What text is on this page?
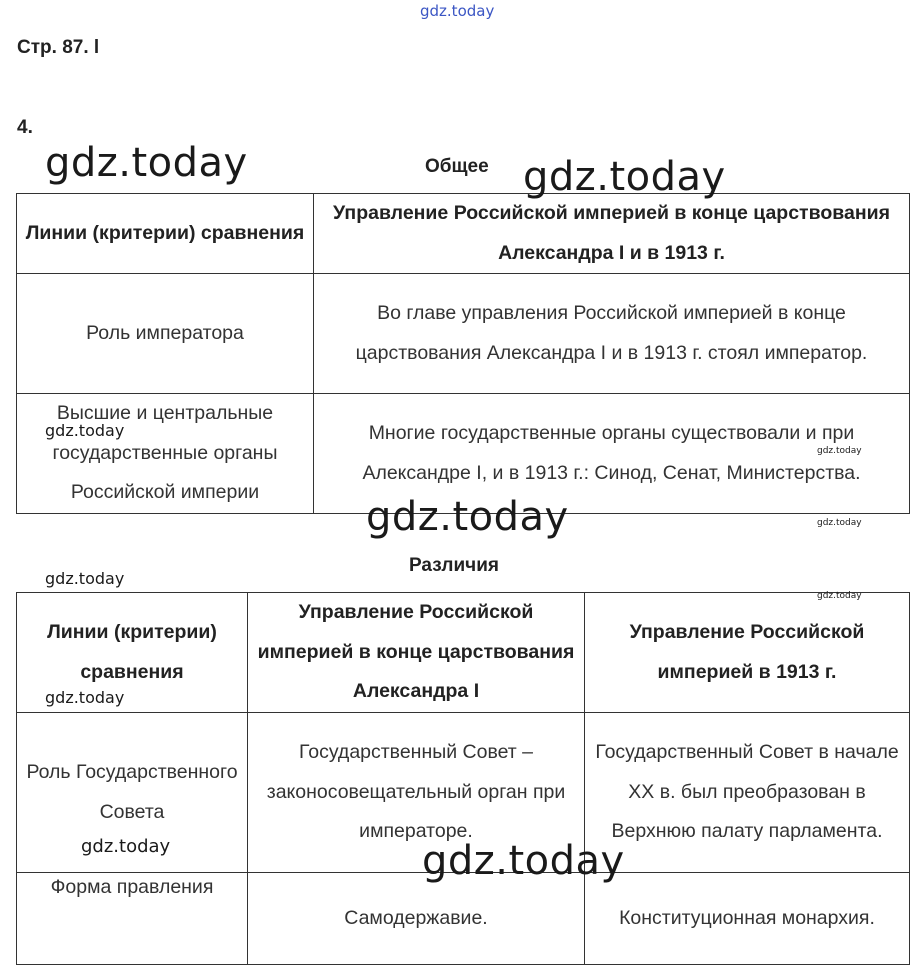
gdz.today
Стр. 87. l
4.
Общее
Линии (критерии) сравнения	Управление Российской империей в конце царствования Александра I и в 1913 г.
Роль императора	Во главе управления Российской империей в конце царствования Александра I и в 1913 г. стоял император.
Высшие и центральные государственные органы Российской империи	Многие государственные органы существовали и при Александре I, и в 1913 г.: Синод, Сенат, Министерства.
Различия
Линии (критерии) сравнения	Управление Российской империей в конце царствования Александра I	Управление Российской империей в 1913 г.
Роль Государственного Совета	Государственный Совет – законосовещательный орган при императоре.	Государственный Совет в начале XX в. был преобразован в Верхнюю палату парламента.
Форма правления	Самодержавие.	Конституционная монархия.
gdz.today	gdz.today
gdz.today
gdz.today
gdz.today	gdz.today
gdz.today
gdz.today
gdz.today
gdz.today	gdz.today
